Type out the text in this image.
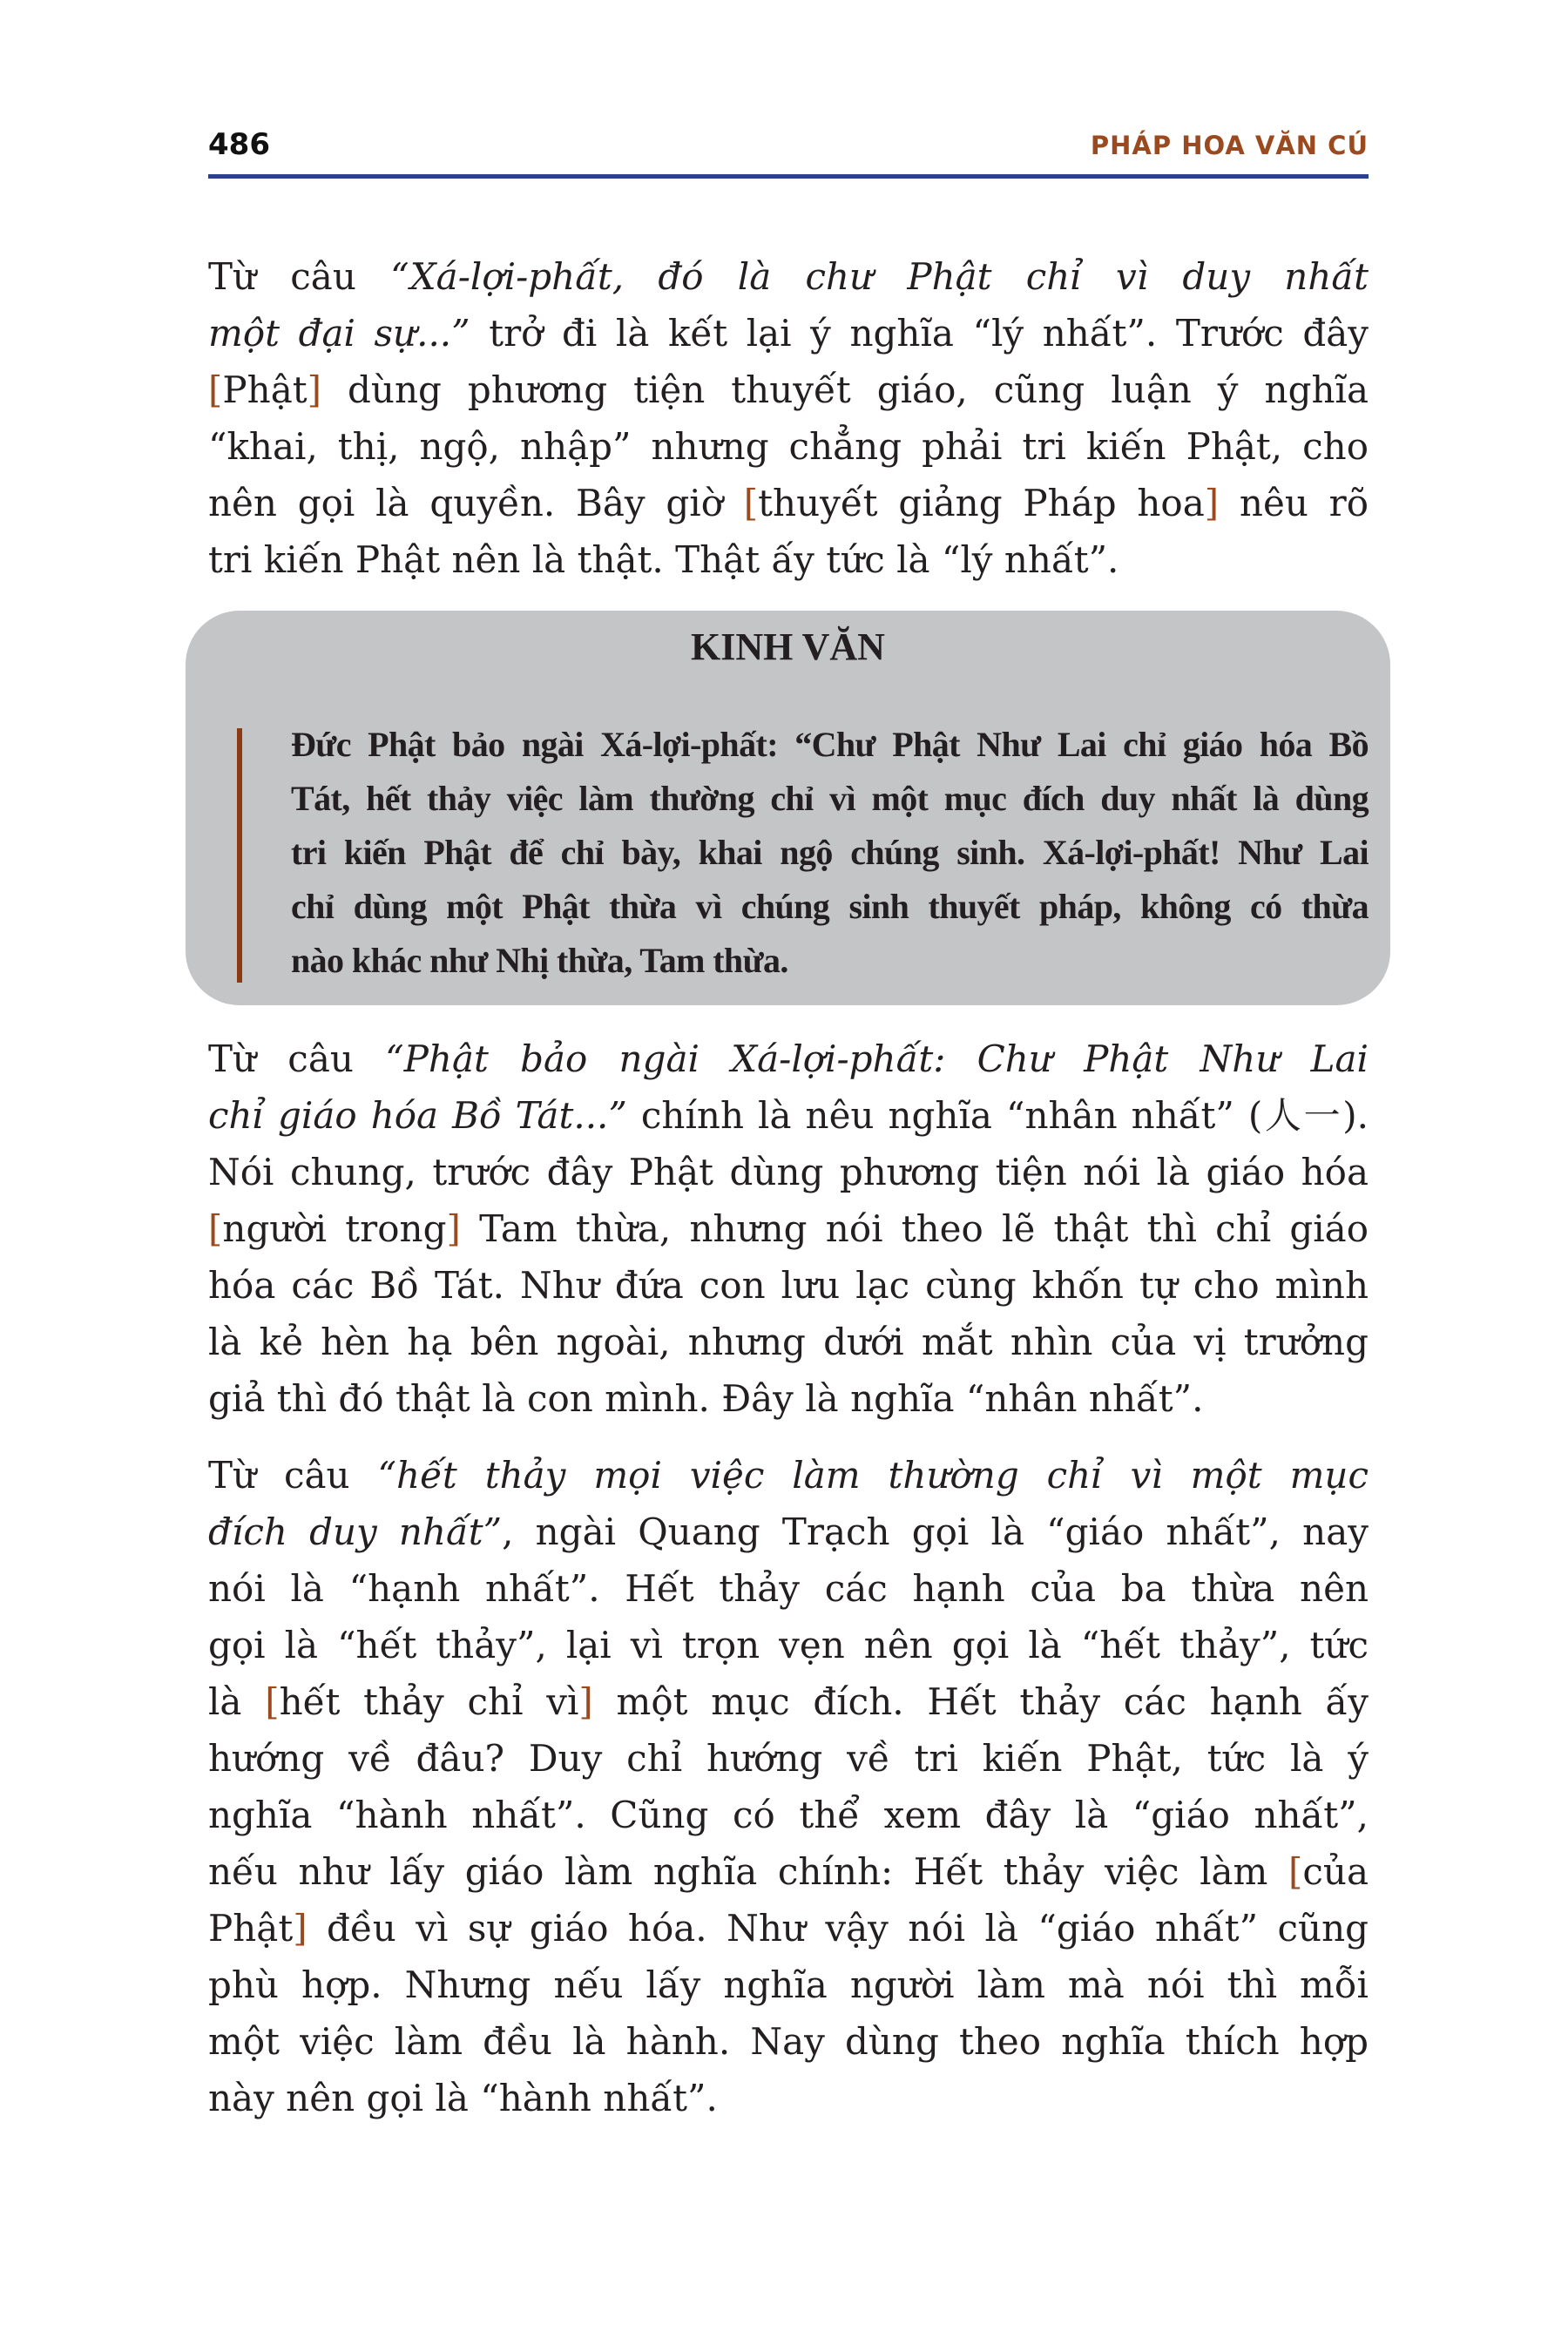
486	PHÁP HOA VĂN CÚ
Từ câu “Xá-lợi-phất, đó là chư Phật chỉ vì duy nhất
một đại sự...” trở đi là kết lại ý nghĩa “lý nhất”. Trước đây
[Phật] dùng phương tiện thuyết giáo, cũng luận ý nghĩa
“khai, thị, ngộ, nhập” nhưng chẳng phải tri kiến Phật, cho
nên gọi là quyền. Bây giờ [thuyết giảng Pháp hoa] nêu rõ
tri kiến Phật nên là thật. Thật ấy tức là “lý nhất”.
KINH VĂN
Đức Phật bảo ngài Xá-lợi-phất: “Chư Phật Như Lai chỉ giáo hóa Bồ
Tát, hết thảy việc làm thường chỉ vì một mục đích duy nhất là dùng
tri kiến Phật để chỉ bày, khai ngộ chúng sinh. Xá-lợi-phất! Như Lai
chỉ dùng một Phật thừa vì chúng sinh thuyết pháp, không có thừa
nào khác như Nhị thừa, Tam thừa.
Từ câu “Phật bảo ngài Xá-lợi-phất: Chư Phật Như Lai
chỉ giáo hóa Bồ Tát...” chính là nêu nghĩa “nhân nhất” (人一).
Nói chung, trước đây Phật dùng phương tiện nói là giáo hóa
[người trong] Tam thừa, nhưng nói theo lẽ thật thì chỉ giáo
hóa các Bồ Tát. Như đứa con lưu lạc cùng khốn tự cho mình
là kẻ hèn hạ bên ngoài, nhưng dưới mắt nhìn của vị trưởng
giả thì đó thật là con mình. Đây là nghĩa “nhân nhất”.
Từ câu “hết thảy mọi việc làm thường chỉ vì một mục
đích duy nhất”, ngài Quang Trạch gọi là “giáo nhất”, nay
nói là “hạnh nhất”. Hết thảy các hạnh của ba thừa nên
gọi là “hết thảy”, lại vì trọn vẹn nên gọi là “hết thảy”, tức
là [hết thảy chỉ vì] một mục đích. Hết thảy các hạnh ấy
hướng về đâu? Duy chỉ hướng về tri kiến Phật, tức là ý
nghĩa “hành nhất”. Cũng có thể xem đây là “giáo nhất”,
nếu như lấy giáo làm nghĩa chính: Hết thảy việc làm [của
Phật] đều vì sự giáo hóa. Như vậy nói là “giáo nhất” cũng
phù hợp. Nhưng nếu lấy nghĩa người làm mà nói thì mỗi
một việc làm đều là hành. Nay dùng theo nghĩa thích hợp
này nên gọi là “hành nhất”.
